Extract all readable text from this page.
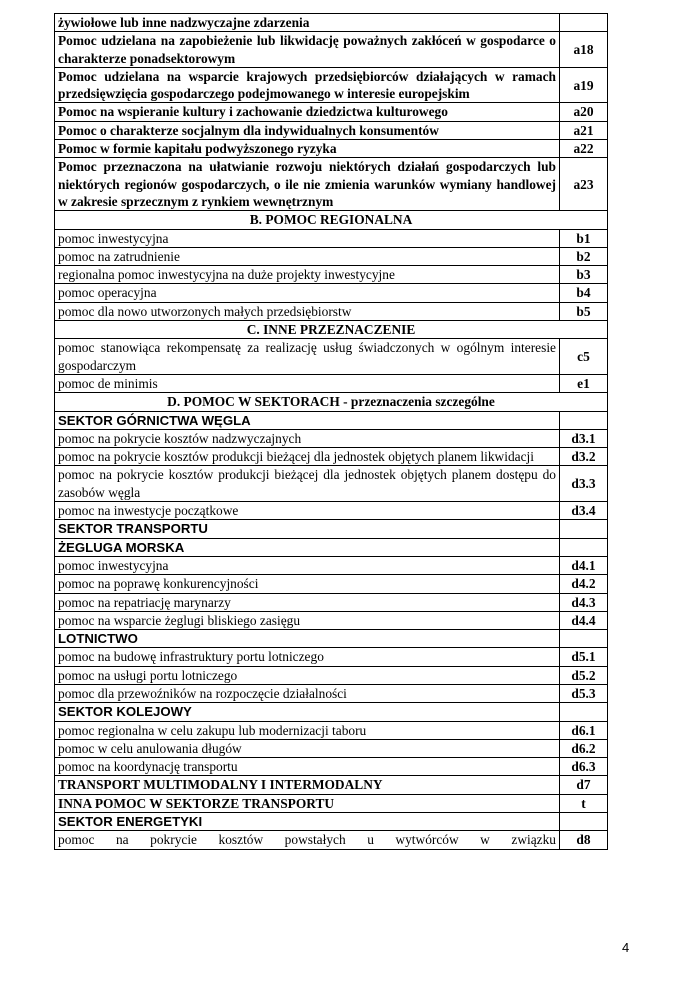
żywiołowe lub inne nadzwyczajne zdarzenia	
Pomoc udzielana na zapobieżenie lub likwidację poważnych zakłóceń w gospodarce o charakterze ponadsektorowym	a18
Pomoc udzielana na wsparcie krajowych przedsiębiorców działających w ramach przedsięwzięcia gospodarczego podejmowanego w interesie europejskim	a19
Pomoc na wspieranie kultury i zachowanie dziedzictwa kulturowego	a20
Pomoc o charakterze socjalnym dla indywidualnych konsumentów	a21
Pomoc w formie kapitału podwyższonego ryzyka	a22
Pomoc przeznaczona na ułatwianie rozwoju niektórych działań gospodarczych lub niektórych regionów gospodarczych, o ile nie zmienia warunków wymiany handlowej w zakresie sprzecznym z rynkiem wewnętrznym	a23
B. POMOC REGIONALNA	
pomoc inwestycyjna	b1
pomoc na zatrudnienie	b2
regionalna pomoc inwestycyjna na duże projekty inwestycyjne	b3
pomoc operacyjna	b4
pomoc dla nowo utworzonych małych przedsiębiorstw	b5
C. INNE PRZEZNACZENIE	
pomoc stanowiąca rekompensatę za realizację usług świadczonych w ogólnym interesie gospodarczym	c5
pomoc de minimis	e1
D. POMOC W SEKTORACH - przeznaczenia szczególne	
SEKTOR GÓRNICTWA WĘGLA	
pomoc na pokrycie kosztów nadzwyczajnych	d3.1
pomoc na pokrycie kosztów produkcji bieżącej dla jednostek objętych planem likwidacji	d3.2
pomoc na pokrycie kosztów produkcji bieżącej dla jednostek objętych planem dostępu do zasobów węgla	d3.3
pomoc na inwestycje początkowe	d3.4
SEKTOR TRANSPORTU	
ŻEGLUGA MORSKA	
pomoc inwestycyjna	d4.1
pomoc na poprawę konkurencyjności	d4.2
pomoc na repatriację marynarzy	d4.3
pomoc na wsparcie żeglugi bliskiego zasięgu	d4.4
LOTNICTWO	
pomoc na budowę infrastruktury portu lotniczego	d5.1
pomoc na usługi portu lotniczego	d5.2
pomoc dla przewoźników na rozpoczęcie działalności	d5.3
SEKTOR KOLEJOWY	
pomoc regionalna w celu zakupu lub modernizacji taboru	d6.1
pomoc w celu anulowania długów	d6.2
pomoc na koordynację transportu	d6.3
TRANSPORT MULTIMODALNY I INTERMODALNY	d7
INNA POMOC W SEKTORZE TRANSPORTU	t
SEKTOR ENERGETYKI	
pomoc na pokrycie kosztów powstałych u wytwórców w związku	d8
4
